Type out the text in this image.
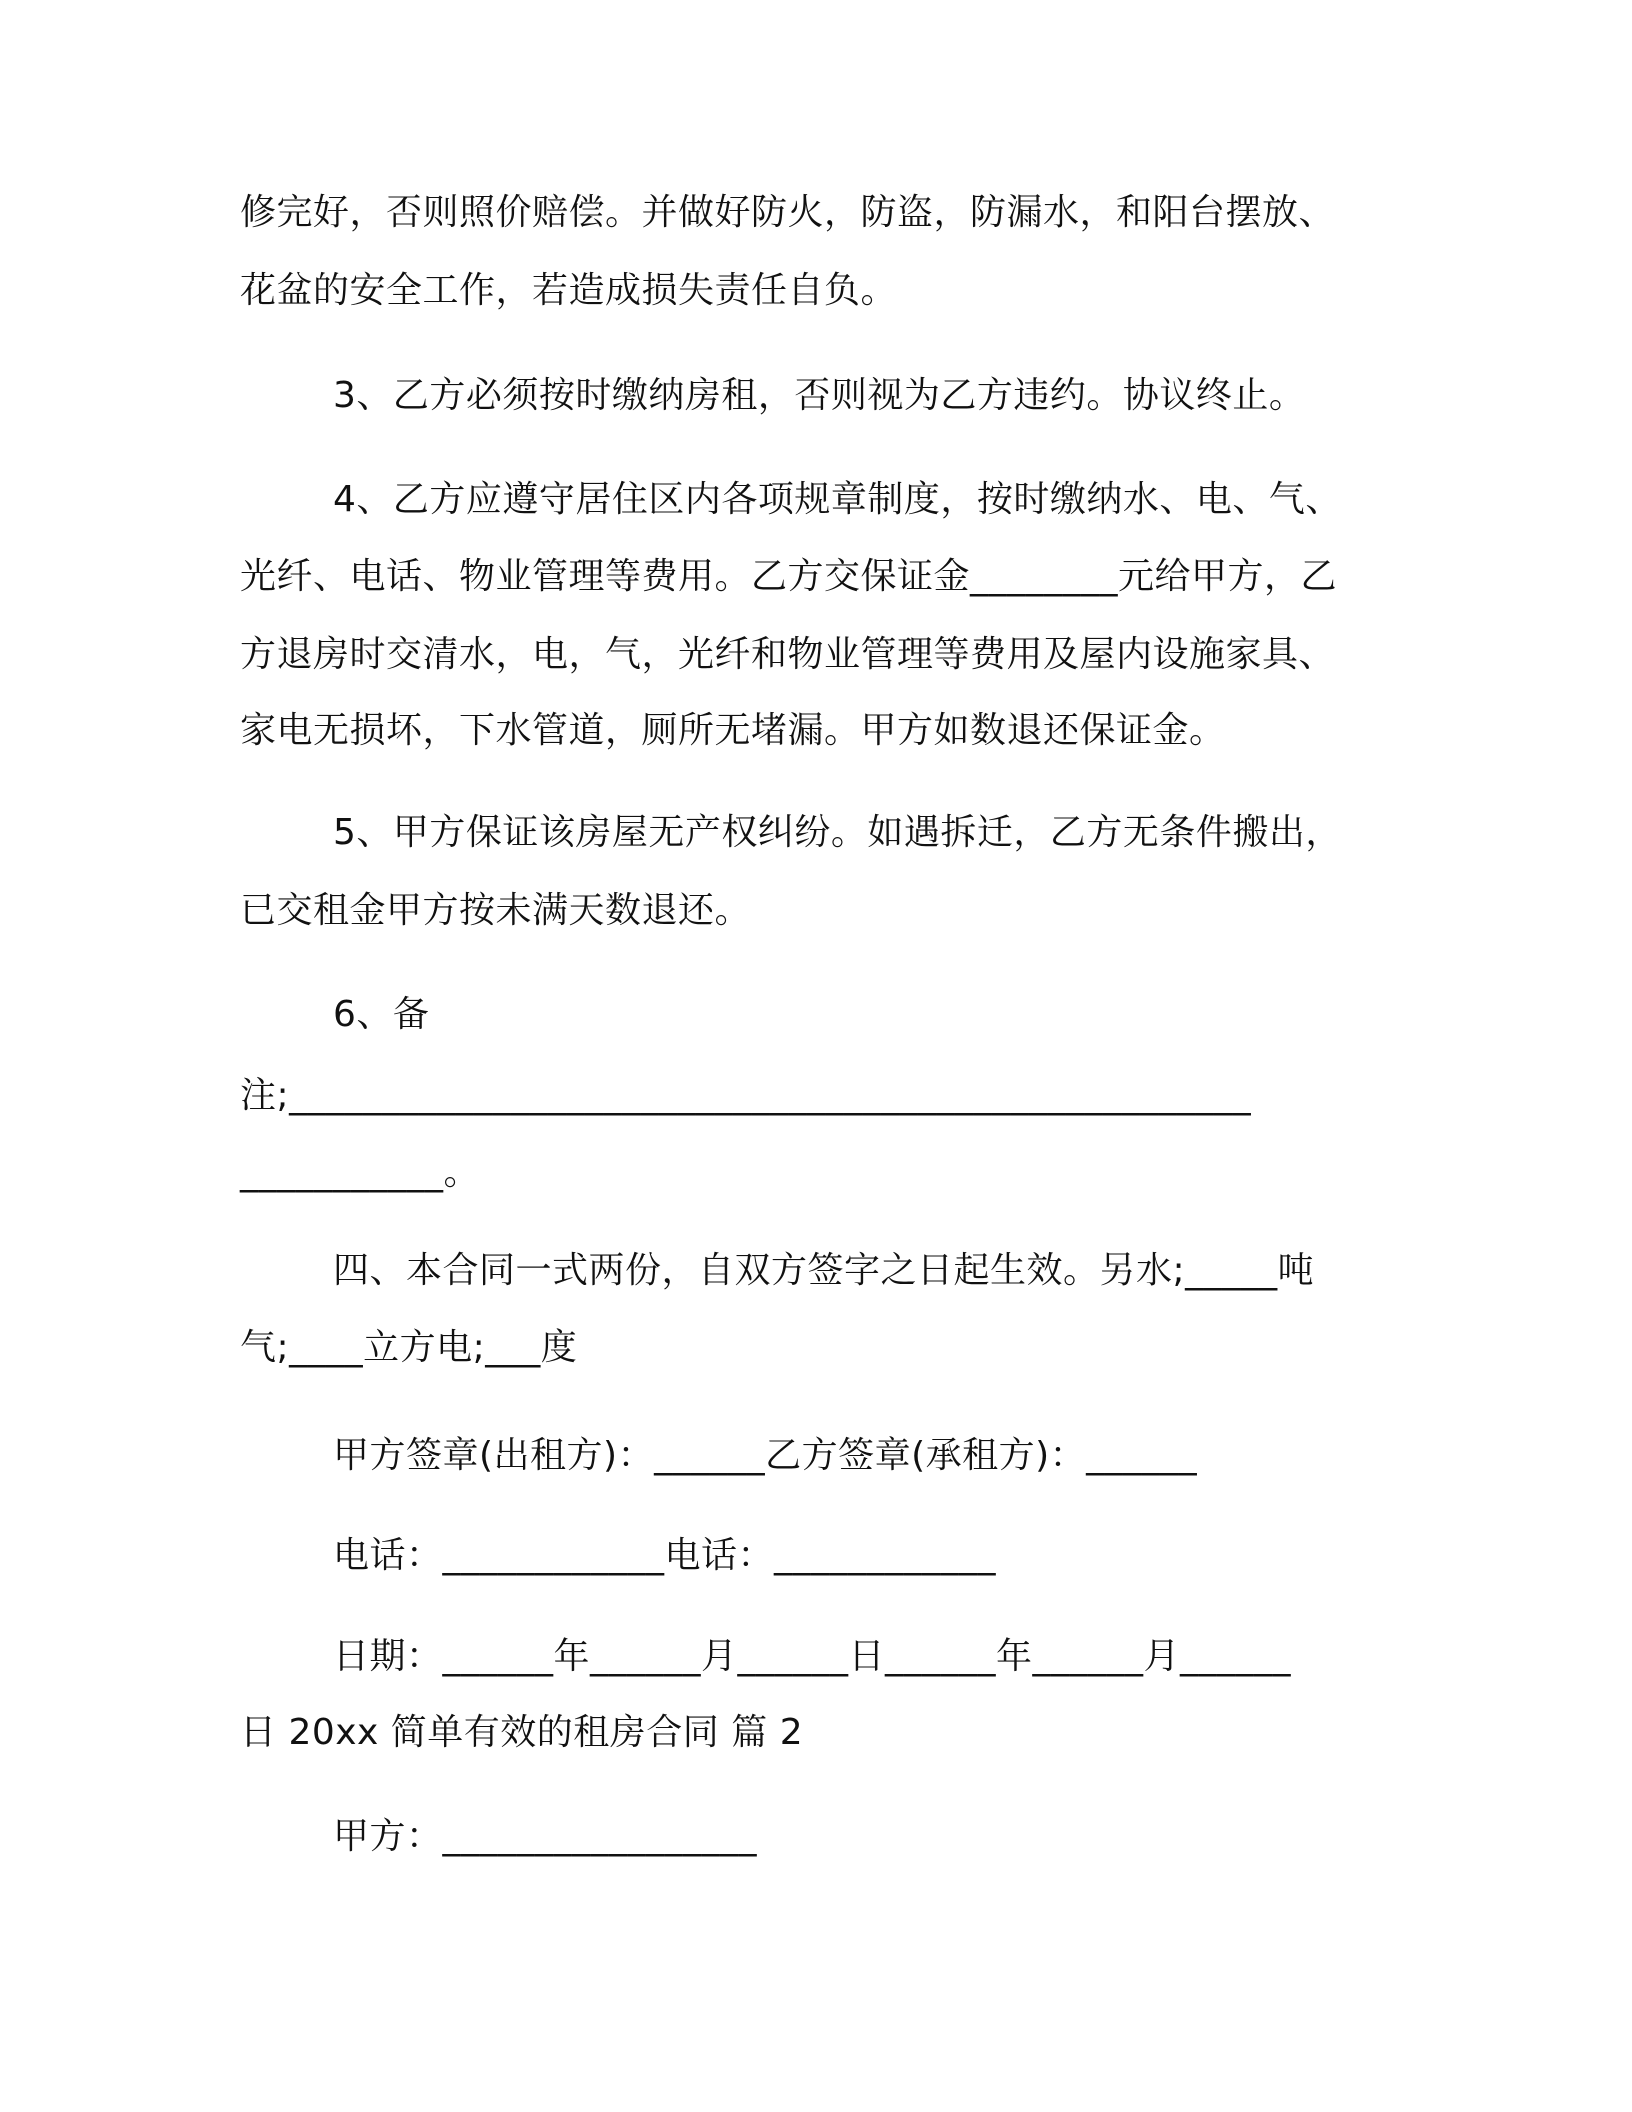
修完好，否则照价赔偿。并做好防火，防盗，防漏水，和阳台摆放、
花盆的安全工作，若造成损失责任自负。
3、乙方必须按时缴纳房租，否则视为乙方违约。协议终止。
4、乙方应遵守居住区内各项规章制度，按时缴纳水、电、气、
光纤、电话、物业管理等费用。乙方交保证金________元给甲方，乙
方退房时交清水，电，气，光纤和物业管理等费用及屋内设施家具、
家电无损坏，下水管道，厕所无堵漏。甲方如数退还保证金。
5、甲方保证该房屋无产权纠纷。如遇拆迁，乙方无条件搬出，
已交租金甲方按未满天数退还。
6、备
注;____________________________________________________
___________。
四、本合同一式两份，自双方签字之日起生效。另水;_____吨
气;____立方电;___度
甲方签章(出租方)：______乙方签章(承租方)：______
电话：____________电话：____________
日期：______年______月______日______年______月______
日 20xx 简单有效的租房合同 篇 2
甲方：_________________
